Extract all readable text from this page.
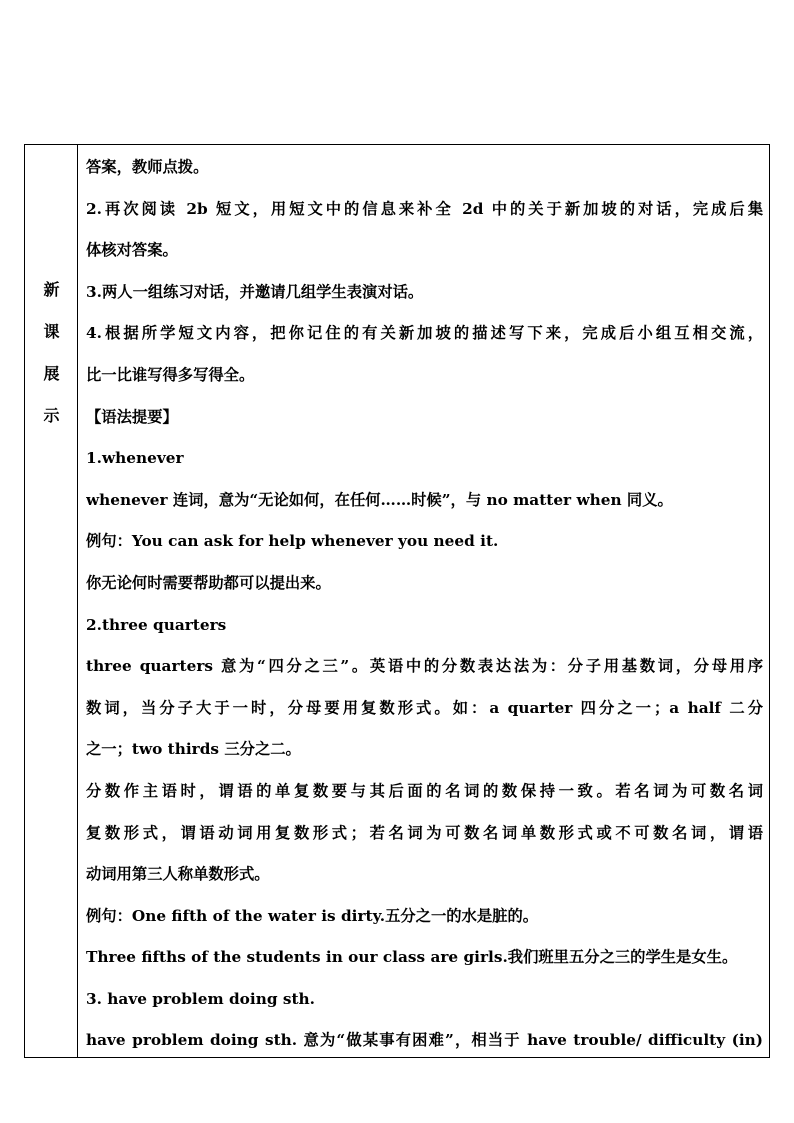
新
课
展
示
答案，教师点拨。
2.再次阅读 2b 短文，用短文中的信息来补全 2d 中的关于新加坡的对话，完成后集
体核对答案。
3.两人一组练习对话，并邀请几组学生表演对话。
4.根据所学短文内容，把你记住的有关新加坡的描述写下来，完成后小组互相交流，
比一比谁写得多写得全。
【语法提要】
1.whenever
whenever 连词，意为“无论如何，在任何……时候”，与 no matter when 同义。
例句：You can ask for help whenever you need it.
你无论何时需要帮助都可以提出来。
2.three quarters
three quarters 意为“四分之三”。英语中的分数表达法为：分子用基数词，分母用序
数词，当分子大于一时，分母要用复数形式。如：a quarter 四分之一；a half 二分
之一；two thirds 三分之二。
分数作主语时，谓语的单复数要与其后面的名词的数保持一致。若名词为可数名词
复数形式，谓语动词用复数形式；若名词为可数名词单数形式或不可数名词，谓语
动词用第三人称单数形式。
例句：One fifth of the water is dirty.五分之一的水是脏的。
Three fifths of the students in our class are girls.我们班里五分之三的学生是女生。
3. have problem doing sth.
have problem doing sth. 意为“做某事有困难”，相当于 have trouble/ difficulty (in)
